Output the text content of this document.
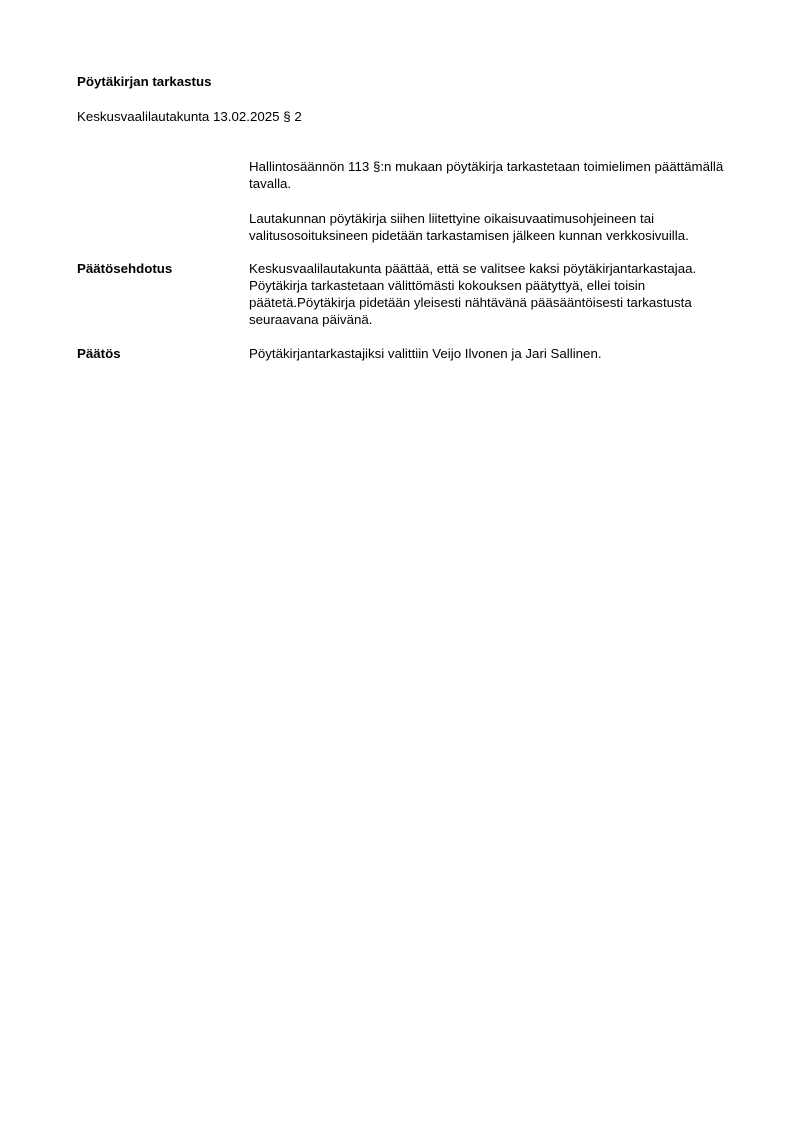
Pöytäkirjan tarkastus
Keskusvaalilautakunta 13.02.2025 § 2
Hallintosäännön 113 §:n mukaan pöytäkirja tarkastetaan toimielimen päättämällä tavalla.
Lautakunnan pöytäkirja siihen liitettyine oikaisuvaatimusohjeineen tai valitusosoituksineen pidetään tarkastamisen jälkeen kunnan verkkosivuilla.
Päätösehdotus	Keskusvaalilautakunta päättää, että se valitsee kaksi pöytäkirjantarkastajaa. Pöytäkirja tarkastetaan välittömästi kokouksen päätyttyä, ellei toisin päätetä.Pöytäkirja pidetään yleisesti nähtävänä pääsääntöisesti tarkastusta seuraavana päivänä.
Päätös	Pöytäkirjantarkastajiksi valittiin Veijo Ilvonen ja Jari Sallinen.
